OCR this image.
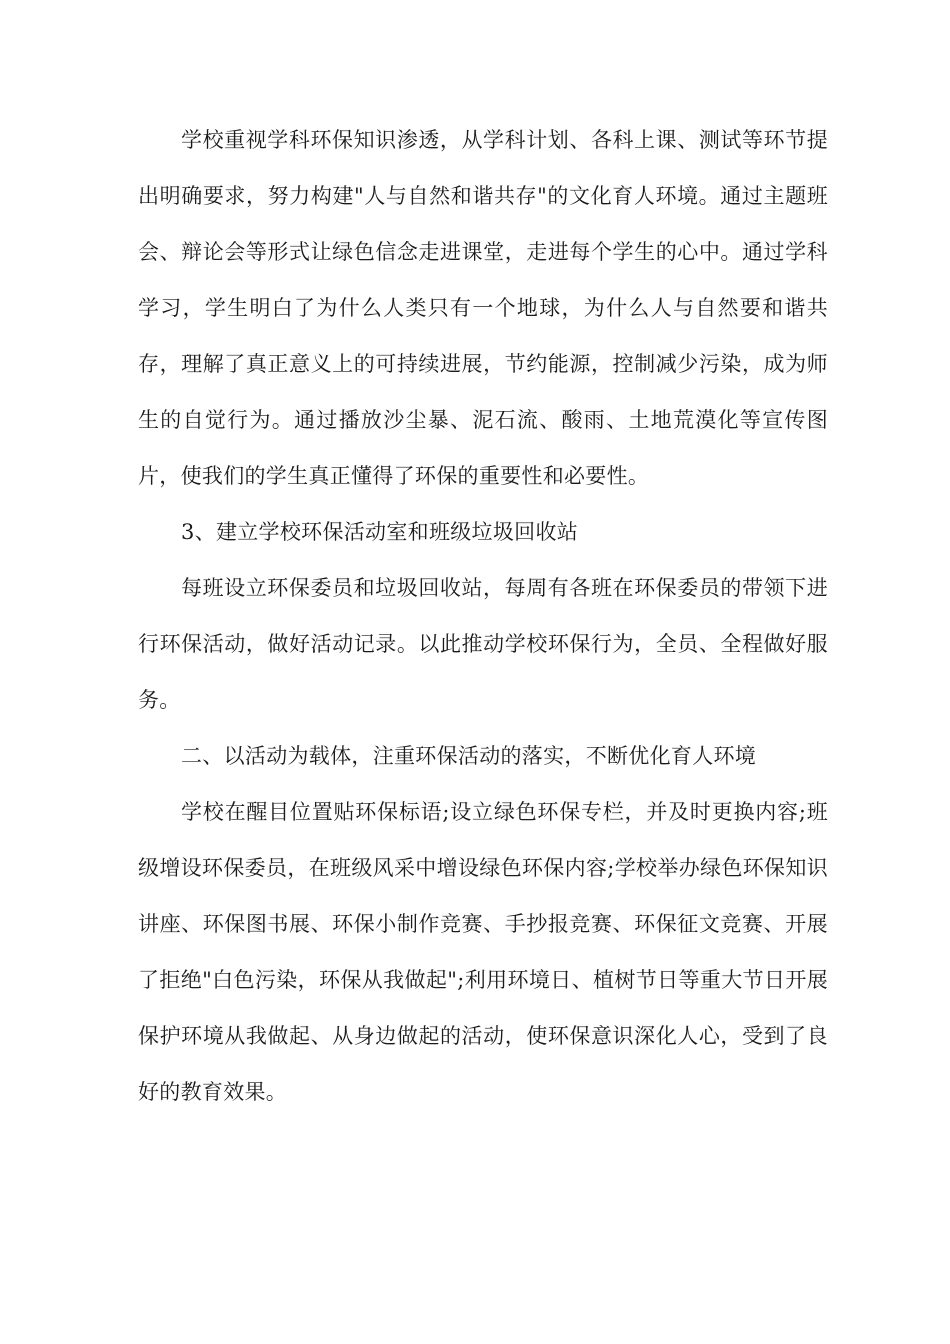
学校重视学科环保知识渗透，从学科计划、各科上课、测试等环节提出明确要求，努力构建"人与自然和谐共存"的文化育人环境。通过主题班会、辩论会等形式让绿色信念走进课堂，走进每个学生的心中。通过学科学习，学生明白了为什么人类只有一个地球，为什么人与自然要和谐共存，理解了真正意义上的可持续进展，节约能源，控制减少污染，成为师生的自觉行为。通过播放沙尘暴、泥石流、酸雨、土地荒漠化等宣传图片，使我们的学生真正懂得了环保的重要性和必要性。

3、建立学校环保活动室和班级垃圾回收站

每班设立环保委员和垃圾回收站，每周有各班在环保委员的带领下进行环保活动，做好活动记录。以此推动学校环保行为，全员、全程做好服务。

二、以活动为载体，注重环保活动的落实，不断优化育人环境

学校在醒目位置贴环保标语;设立绿色环保专栏，并及时更换内容;班级增设环保委员，在班级风采中增设绿色环保内容;学校举办绿色环保知识讲座、环保图书展、环保小制作竞赛、手抄报竞赛、环保征文竞赛、开展了拒绝"白色污染，环保从我做起";利用环境日、植树节日等重大节日开展保护环境从我做起、从身边做起的活动，使环保意识深化人心，受到了良好的教育效果。
